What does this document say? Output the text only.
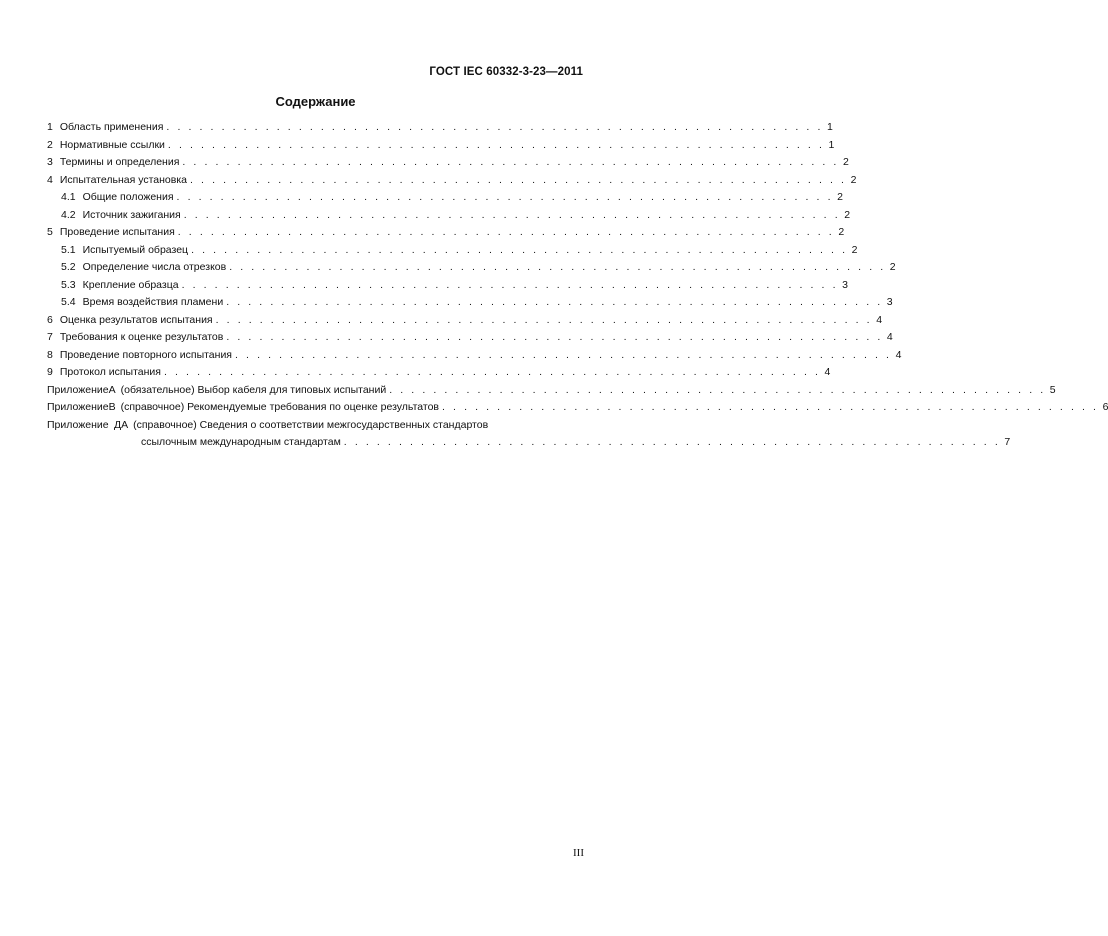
ГОСТ IEC 60332-3-23—2011
Содержание
1 Область применения . . . . . . . . . . . . . . . . . . . . . . . . . . . . . . . . . . . . . . . . . . . . . . . . . . . . . . . . . . . . 1
2 Нормативные ссылки . . . . . . . . . . . . . . . . . . . . . . . . . . . . . . . . . . . . . . . . . . . . . . . . . . . . . . . . . . . . 1
3 Термины и определения . . . . . . . . . . . . . . . . . . . . . . . . . . . . . . . . . . . . . . . . . . . . . . . . . . . . . . . . . . . . 2
4 Испытательная установка . . . . . . . . . . . . . . . . . . . . . . . . . . . . . . . . . . . . . . . . . . . . . . . . . . . . . . . . . . . . 2
4.1 Общие положения . . . . . . . . . . . . . . . . . . . . . . . . . . . . . . . . . . . . . . . . . . . . . . . . . . . . . . . . . . . . 2
4.2 Источник зажигания . . . . . . . . . . . . . . . . . . . . . . . . . . . . . . . . . . . . . . . . . . . . . . . . . . . . . . . . . . . . 2
5 Проведение испытания . . . . . . . . . . . . . . . . . . . . . . . . . . . . . . . . . . . . . . . . . . . . . . . . . . . . . . . . . . . . 2
5.1 Испытуемый образец . . . . . . . . . . . . . . . . . . . . . . . . . . . . . . . . . . . . . . . . . . . . . . . . . . . . . . . . . . . . 2
5.2 Определение числа отрезков . . . . . . . . . . . . . . . . . . . . . . . . . . . . . . . . . . . . . . . . . . . . . . . . . . . . . . . . . . . . 2
5.3 Крепление образца . . . . . . . . . . . . . . . . . . . . . . . . . . . . . . . . . . . . . . . . . . . . . . . . . . . . . . . . . . . . 3
5.4 Время воздействия пламени . . . . . . . . . . . . . . . . . . . . . . . . . . . . . . . . . . . . . . . . . . . . . . . . . . . . . . . . . . . . 3
6 Оценка результатов испытания . . . . . . . . . . . . . . . . . . . . . . . . . . . . . . . . . . . . . . . . . . . . . . . . . . . . . . . . . . . . 4
7 Требования к оценке результатов . . . . . . . . . . . . . . . . . . . . . . . . . . . . . . . . . . . . . . . . . . . . . . . . . . . . . . . . . . . . 4
8 Проведение повторного испытания . . . . . . . . . . . . . . . . . . . . . . . . . . . . . . . . . . . . . . . . . . . . . . . . . . . . . . . . . . . . 4
9 Протокол испытания . . . . . . . . . . . . . . . . . . . . . . . . . . . . . . . . . . . . . . . . . . . . . . . . . . . . . . . . . . . . 4
Приложение А (обязательное) Выбор кабеля для типовых испытаний . . . . . . . . . . . . . . . . . . . . . . . . . . . . . . . . . . . . . . . . . . . . . . . . . . . . . . . . . . . . 5
Приложение В (справочное) Рекомендуемые требования по оценке результатов . . . . . . . . . . . . . . . . . . . . . . . . . . . . . . . . . . . . . . . . . . . . . . . . . . . . . . . . . . . . 6
Приложение ДА (справочное) Сведения о соответствии межгосударственных стандартов
ссылочным международным стандартам . . . . . . . . . . . . . . . . . . . . . . . . . . . . . . . . . . . . . . . . . . . . . . . . . . . . . . . . . . . . 7
III
